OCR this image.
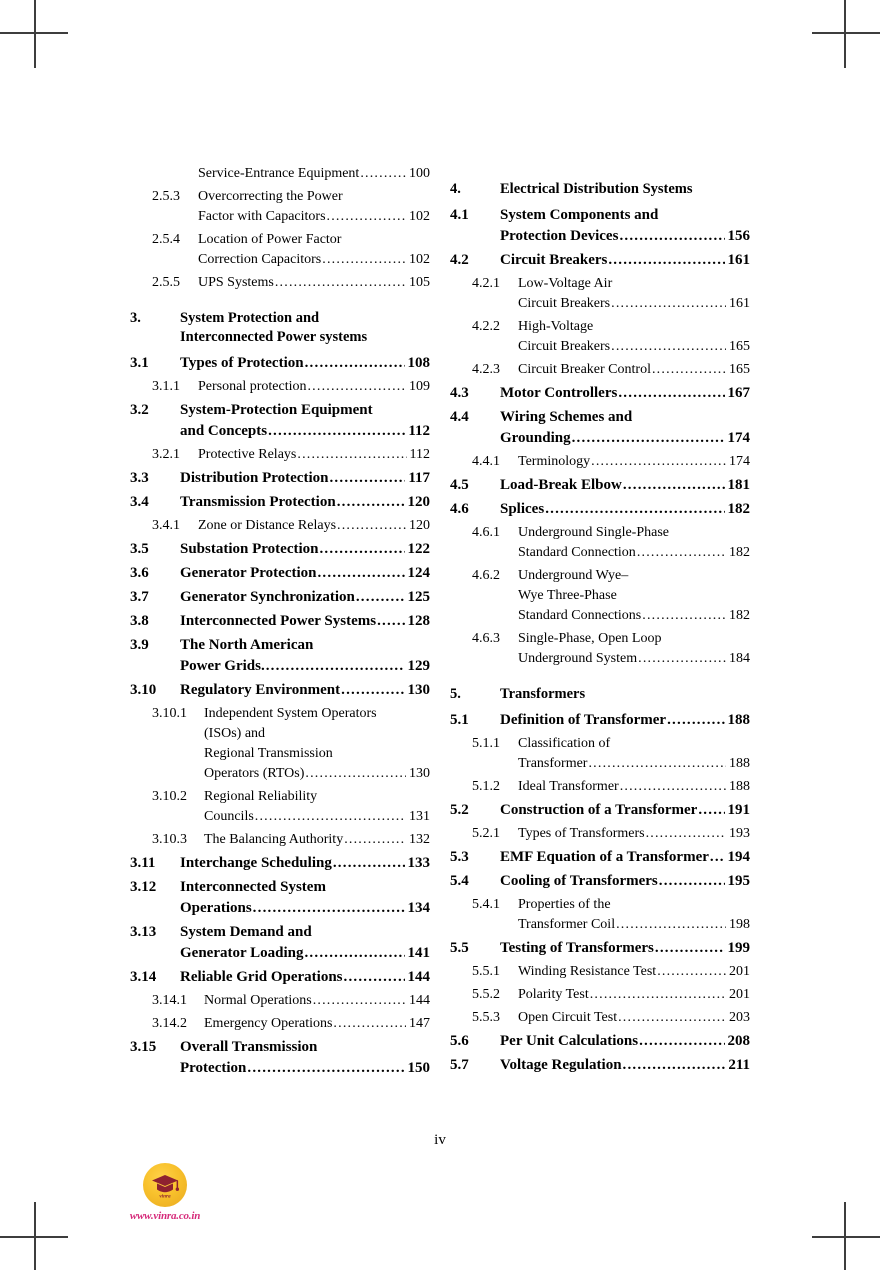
Service-Entrance Equipment .....	100
2.5.3	Overcorrecting the Power
Factor with Capacitors .....	102
2.5.4	Location of Power Factor
Correction Capacitors .....	102
2.5.5	UPS Systems .....	105
3.	System Protection and
Interconnected Power systems
3.1	Types of Protection .....	108
3.1.1	Personal protection .....	109
3.2	System-Protection Equipment
and Concepts .....	112
3.2.1	Protective Relays .....	112
3.3	Distribution Protection .....	117
3.4	Transmission Protection .....	120
3.4.1	Zone or Distance Relays .....	120
3.5	Substation Protection .....	122
3.6	Generator Protection .....	124
3.7	Generator Synchronization .....	125
3.8	Interconnected Power Systems ..... 128
3.9	The North American
Power Grids. .....	129
3.10	Regulatory Environment .....	130
3.10.1	Independent System Operators
(ISOs) and
Regional Transmission
Operators (RTOs) .....	130
3.10.2	Regional Reliability
Councils .....	131
3.10.3	The Balancing Authority .....	132
3.11	Interchange Scheduling .....	133
3.12	Interconnected System
Operations .....	134
3.13	System Demand and
Generator Loading .....	141
3.14	Reliable Grid Operations .....	144
3.14.1	Normal Operations .....	144
3.14.2	Emergency Operations .....	147
3.15	Overall Transmission
Protection .....	150
4.	Electrical Distribution Systems
4.1	System Components and
Protection Devices .....	156
4.2	Circuit Breakers .....	161
4.2.1	Low-Voltage Air
Circuit Breakers .....	161
4.2.2	High-Voltage
Circuit Breakers .....	165
4.2.3	Circuit Breaker Control .....	165
4.3	Motor Controllers .....	167
4.4	Wiring Schemes and
Grounding .....	174
4.4.1	Terminology .....	174
4.5	Load-Break Elbow .....	181
4.6	Splices .....	182
4.6.1	Underground Single-Phase
Standard Connection .....	182
4.6.2	Underground Wye–
Wye Three-Phase
Standard Connections .....	182
4.6.3	Single-Phase, Open Loop
Underground System .....	184
5.	Transformers
5.1	Definition of Transformer .....	188
5.1.1	Classification of
Transformer .....	188
5.1.2	Ideal Transformer .....	188
5.2	Construction of a Transformer ..... 191
5.2.1	Types of Transformers .....	193
5.3	EMF Equation of a Transformer ..... 194
5.4	Cooling of Transformers .....	195
5.4.1	Properties of the
Transformer Coil .....	198
5.5	Testing of Transformers .....	199
5.5.1	Winding Resistance Test .....	201
5.5.2	Polarity Test .....	201
5.5.3	Open Circuit Test .....	203
5.6	Per Unit Calculations .....	208
5.7	Voltage Regulation .....	211
iv
vinra
www.vinra.co.in
